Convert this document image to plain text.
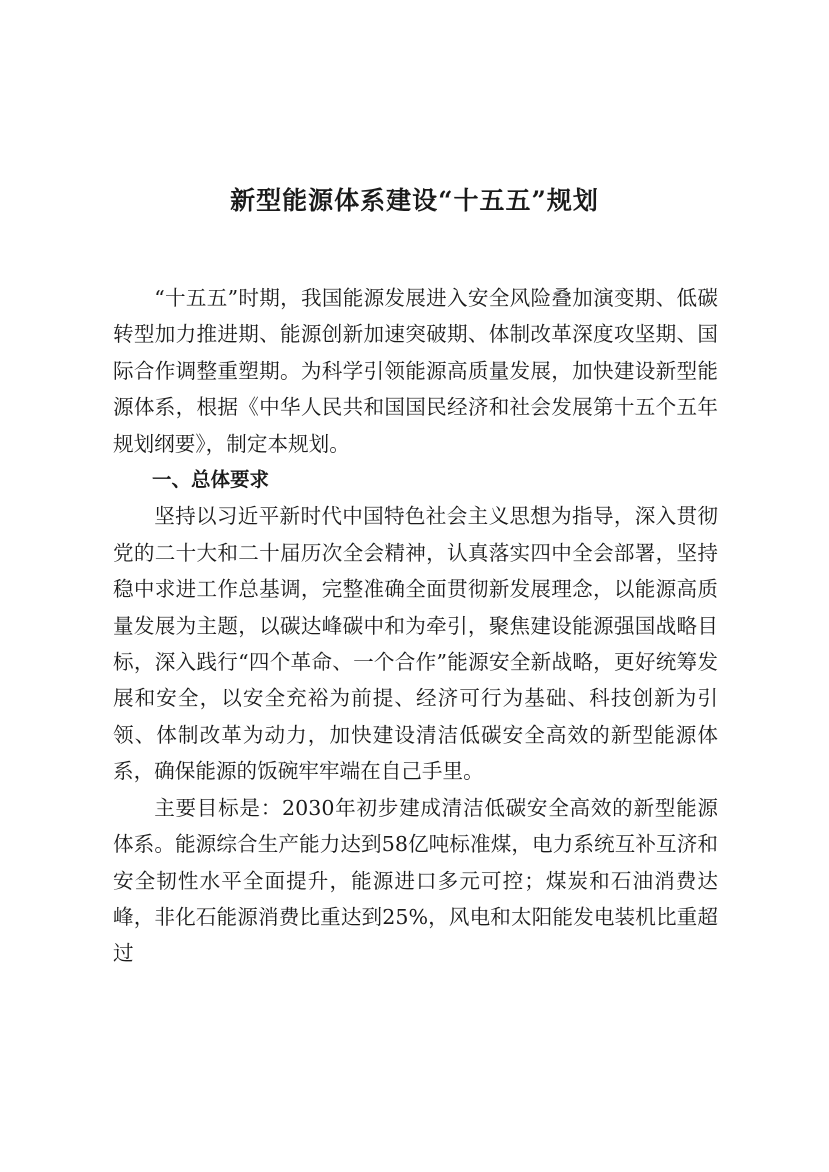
新型能源体系建设“十五五”规划

“十五五”时期，我国能源发展进入安全风险叠加演变期、低碳转型加力推进期、能源创新加速突破期、体制改革深度攻坚期、国际合作调整重塑期。为科学引领能源高质量发展，加快建设新型能源体系，根据《中华人民共和国国民经济和社会发展第十五个五年规划纲要》，制定本规划。

一、总体要求

坚持以习近平新时代中国特色社会主义思想为指导，深入贯彻党的二十大和二十届历次全会精神，认真落实四中全会部署，坚持稳中求进工作总基调，完整准确全面贯彻新发展理念，以能源高质量发展为主题，以碳达峰碳中和为牵引，聚焦建设能源强国战略目标，深入践行“四个革命、一个合作”能源安全新战略，更好统筹发展和安全，以安全充裕为前提、经济可行为基础、科技创新为引领、体制改革为动力，加快建设清洁低碳安全高效的新型能源体系，确保能源的饭碗牢牢端在自己手里。

主要目标是：2030年初步建成清洁低碳安全高效的新型能源体系。能源综合生产能力达到58亿吨标准煤，电力系统互补互济和安全韧性水平全面提升，能源进口多元可控；煤炭和石油消费达峰，非化石能源消费比重达到25%，风电和太阳能发电装机比重超过
